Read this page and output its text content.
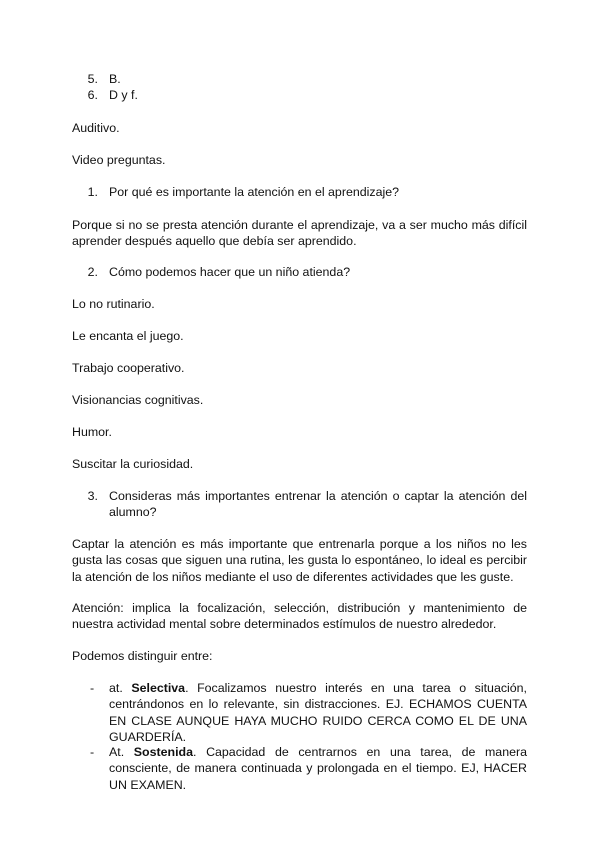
5. B.
6. D y f.
Auditivo.
Video preguntas.
1. Por qué es importante la atención en el aprendizaje?
Porque si no se presta atención durante el aprendizaje, va a ser mucho más difícil aprender después aquello que debía ser aprendido.
2. Cómo podemos hacer que un niño atienda?
Lo no rutinario.
Le encanta el juego.
Trabajo cooperativo.
Visionancias cognitivas.
Humor.
Suscitar la curiosidad.
3. Consideras más importantes entrenar la atención o captar la atención del alumno?
Captar la atención es más importante que entrenarla porque a los niños no les gusta las cosas que siguen una rutina, les gusta lo espontáneo, lo ideal es percibir la atención de los niños mediante el uso de diferentes actividades que les guste.
Atención: implica la focalización, selección, distribución y mantenimiento de nuestra actividad mental sobre determinados estímulos de nuestro alrededor.
Podemos distinguir entre:
- at. Selectiva. Focalizamos nuestro interés en una tarea o situación, centrándonos en lo relevante, sin distracciones. EJ. ECHAMOS CUENTA EN CLASE AUNQUE HAYA MUCHO RUIDO CERCA COMO EL DE UNA GUARDERÍA.
- At. Sostenida. Capacidad de centrarnos en una tarea, de manera consciente, de manera continuada y prolongada en el tiempo. EJ, HACER UN EXAMEN.
